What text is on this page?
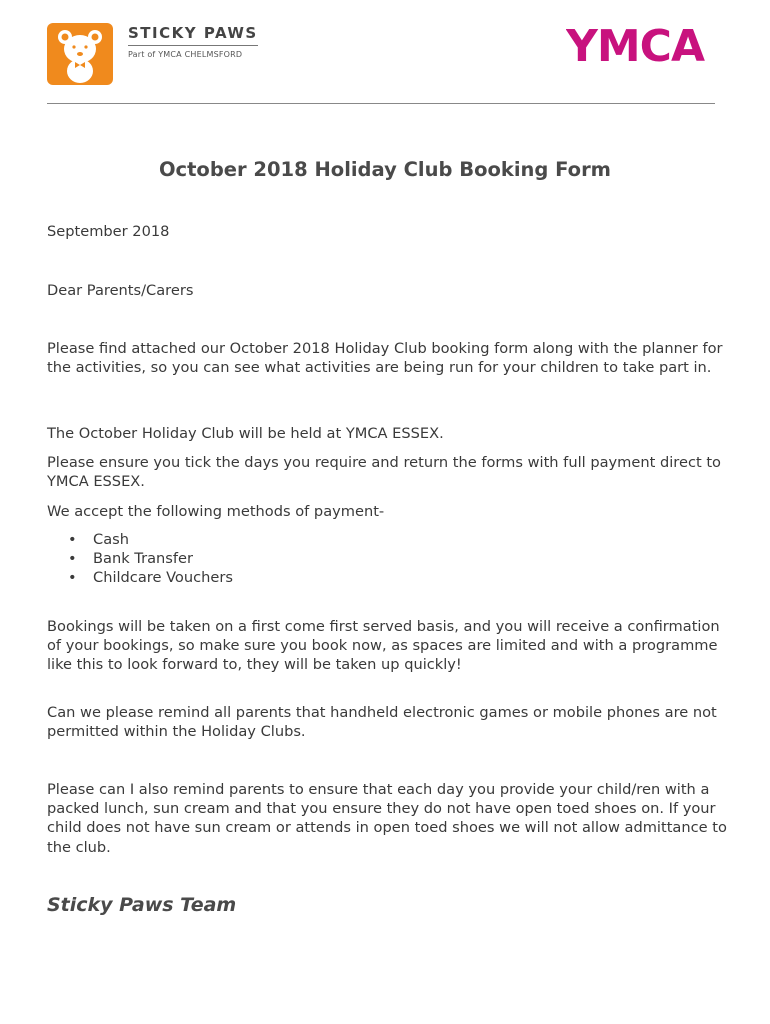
STICKY PAWS
Part of YMCA CHELMSFORD	YMCA
October 2018 Holiday Club Booking Form
September 2018
Dear Parents/Carers
Please find attached our October 2018 Holiday Club booking form along with the planner for the activities, so you can see what activities are being run for your children to take part in.
The October Holiday Club will be held at YMCA ESSEX.
Please ensure you tick the days you require and return the forms with full payment direct to YMCA ESSEX.
We accept the following methods of payment-
• Cash
• Bank Transfer
• Childcare Vouchers
Bookings will be taken on a first come first served basis, and you will receive a confirmation of your bookings, so make sure you book now, as spaces are limited and with a programme like this to look forward to, they will be taken up quickly!
Can we please remind all parents that handheld electronic games or mobile phones are not permitted within the Holiday Clubs.
Please can I also remind parents to ensure that each day you provide your child/ren with a packed lunch, sun cream and that you ensure they do not have open toed shoes on. If your child does not have sun cream or attends in open toed shoes we will not allow admittance to the club.
Sticky Paws Team
